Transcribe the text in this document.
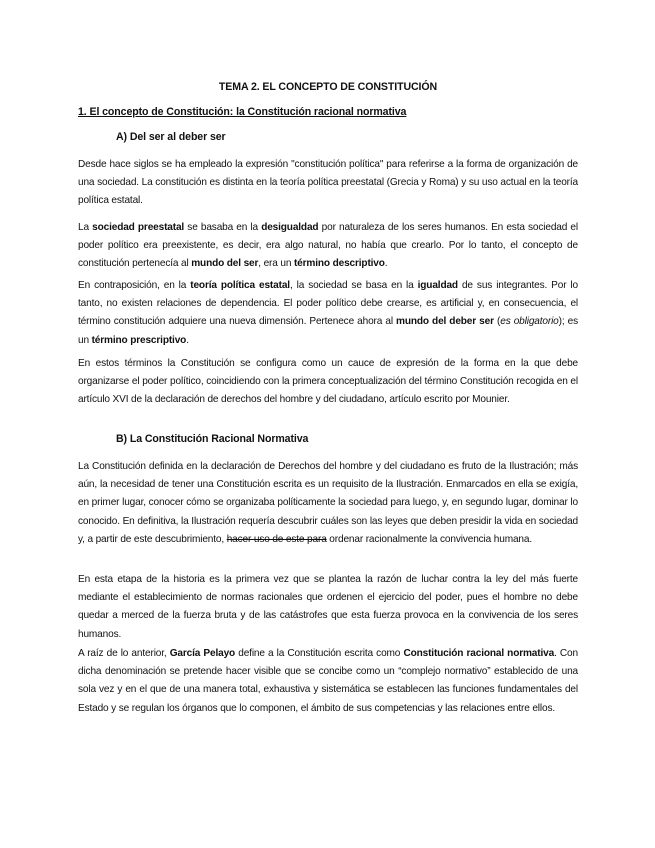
TEMA 2. EL CONCEPTO DE CONSTITUCIÓN
1. El concepto de Constitución: la Constitución racional normativa
A) Del ser al deber ser
Desde hace siglos se ha empleado la expresión "constitución política" para referirse a la forma de organización de una sociedad. La constitución es distinta en la teoría política preestatal (Grecia y Roma) y su uso actual en la teoría política estatal.
La sociedad preestatal se basaba en la desigualdad por naturaleza de los seres humanos. En esta sociedad el poder político era preexistente, es decir, era algo natural, no había que crearlo. Por lo tanto, el concepto de constitución pertenecía al mundo del ser, era un término descriptivo.
En contraposición, en la teoría política estatal, la sociedad se basa en la igualdad de sus integrantes. Por lo tanto, no existen relaciones de dependencia. El poder político debe crearse, es artificial y, en consecuencia, el término constitución adquiere una nueva dimensión. Pertenece ahora al mundo del deber ser (es obligatorio); es un término prescriptivo.
En estos términos la Constitución se configura como un cauce de expresión de la forma en la que debe organizarse el poder político, coincidiendo con la primera conceptualización del término Constitución recogida en el artículo XVI de la declaración de derechos del hombre y del ciudadano, artículo escrito por Mounier.
B) La Constitución Racional Normativa
La Constitución definida en la declaración de Derechos del hombre y del ciudadano es fruto de la Ilustración; más aún, la necesidad de tener una Constitución escrita es un requisito de la Ilustración. Enmarcados en ella se exigía, en primer lugar, conocer cómo se organizaba políticamente la sociedad para luego, y, en segundo lugar, dominar lo conocido. En definitiva, la Ilustración requería descubrir cuáles son las leyes que deben presidir la vida en sociedad y, a partir de este descubrimiento, hacer uso de este para ordenar racionalmente la convivencia humana.
En esta etapa de la historia es la primera vez que se plantea la razón de luchar contra la ley del más fuerte mediante el establecimiento de normas racionales que ordenen el ejercicio del poder, pues el hombre no debe quedar a merced de la fuerza bruta y de las catástrofes que esta fuerza provoca en la convivencia de los seres humanos.
A raíz de lo anterior, García Pelayo define a la Constitución escrita como Constitución racional normativa. Con dicha denominación se pretende hacer visible que se concibe como un “complejo normativo” establecido de una sola vez y en el que de una manera total, exhaustiva y sistemática se establecen las funciones fundamentales del Estado y se regulan los órganos que lo componen, el ámbito de sus competencias y las relaciones entre ellos.
